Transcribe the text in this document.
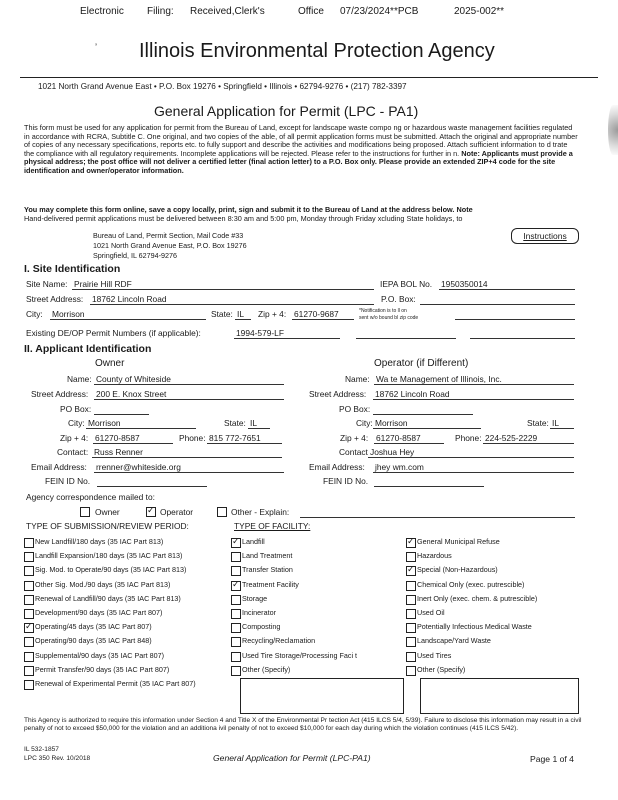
Electronic Filing: Received,Clerk's	Office 07/23/2024**PCB	2025-002**
’ Illinois Environmental Protection Agency
1021 North Grand Avenue East • P.O. Box 19276 • Springfield • Illinois • 62794-9276 • (217) 782-3397
General Application for Permit (LPC - PA1)
This form must be used for any application for permit from the Bureau of Land, except for landscape waste compo ng or hazardous waste management facilities regulated in accordance with RCRA, Subtitle C. One original, and two copies of the able, of all permit application forms must be submitted. Attach the original and appropriate number of copies of any necessary specifications, reports etc. to fully support and describe the activities and modifications being proposed. Attach sufficient information to d trate the compliance with all regulatory requirements. Incomplete applications will be rejected. Please refer to the instructions for further in n. Note: Applicants must provide a physical address; the post office will not deliver a certified letter (final action letter) to a P.O. Box only. Please provide an extended ZIP+4 code for the site identification and owner/operator information.
You may complete this form online, save a copy locally, print, sign and submit it to the Bureau of Land at the address below. Note
Hand-delivered permit applications must be delivered between 8:30 am and 5:00 pm, Monday through Friday xcluding State holidays, to
Bureau of Land, Permit Section, Mail Code #33
1021 North Grand Avenue East, P.O. Box 19276
Springfield, IL 62794-9276
Instructions
I. Site Identification
Site Name: Prairie Hill RDF	IEPA BOL No. 1950350014
Street Address: 18762 Lincoln Road	P.O. Box:
City: Morrison	State: IL Zip + 4: 61270-9687	*Notification is to ll on
sent w/o bound bl zip code
Existing DE/OP Permit Numbers (if applicable):	1994-579-LF
II. Applicant Identification
Owner	Operator (if Different)
Name: County of Whiteside
Street Address: 200 E. Knox Street
PO Box:
City: Morrison	State: IL
Zip + 4: 61270-8587	Phone: 815 772-7651
Contact: Russ Renner
Email Address: rrenner@whiteside.org
FEIN ID No.
Name: Wa te Management of Illinois, Inc.
Street Address: 18762 Lincoln Road
PO Box:
City: Morrison	State: IL
Zip + 4: 61270-8587	Phone: 224-525-2229
Contact Joshua Hey
Email Address: jhey wm.com
FEIN ID No.
Agency correspondence mailed to:
Owner
✓	Operator	Other - Explain:
TYPE OF SUBMISSION/REVIEW PERIOD:	TYPE OF FACILITY:
New Landfill/180 days (35 IAC Part 813)
Landfill Expansion/180 days (35 IAC Part 813)
Sig. Mod. to Operate/90 days (35 IAC Part 813)
Other Sig. Mod./90 days (35 IAC Part 813)
Renewal of Landfill/90 days (35 IAC Part 813)
Development/90 days (35 IAC Part 807)
✓
Operating/45 days (35 IAC Part 807)
Operating/90 days (35 IAC Part 848)
Supplemental/90 days (35 IAC Part 807)
Permit Transfer/90 days (35 IAC Part 807)
Renewal of Experimental Permit (35 IAC Part 807)
✓
Landfill
Land Treatment
Transfer Station
✓
Treatment Facility
Storage
Incinerator
Composting
Recycling/Reclamation
Used Tire Storage/Processing Faci t
Other (Specify)
✓
General Municipal Refuse
Hazardous
✓
Special (Non-Hazardous)
Chemical Only (exec. putrescible)
Inert Only (exec. chem. & putrescible)
Used Oil
Potentially Infectious Medical Waste
Landscape/Yard Waste
Used Tires
Other (Specify)
This Agency is authorized to require this information under Section 4 and Title X of the Environmental Pr tection Act (415 ILCS 5/4, 5/39). Failure to disclose this information may result in a civil penalty of not to exceed $50,000 for the violation and an additiona ivil penalty of not to exceed $10,000 for each day during which the violation continues (415 ILCS 5/42).
IL 532-1857
LPC 350 Rev. 10/2018	General Application for Permit (LPC-PA1)	Page 1 of 4
